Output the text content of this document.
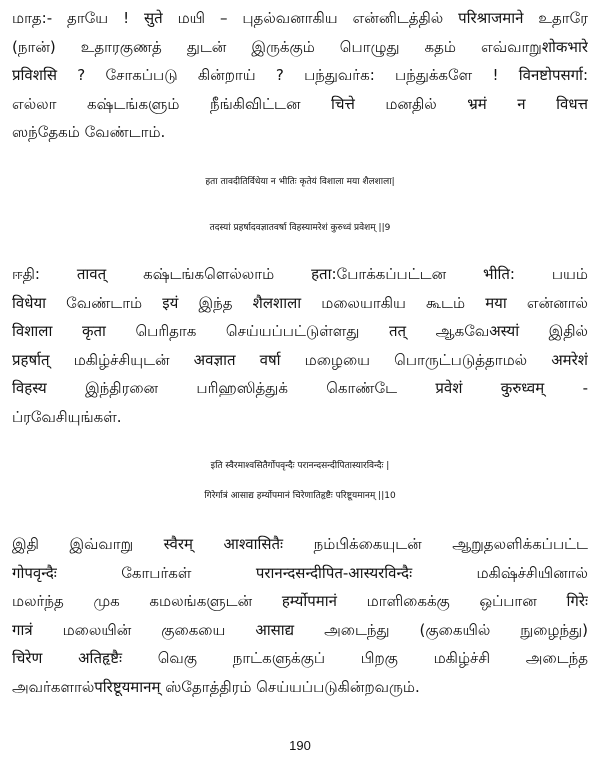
மாத:- தாயே ! सुते மயி – புதல்வனாகிய என்னிடத்தில் परिश्राजमाने உதாரே
(நான்) உதாரகுணத் துடன் இருக்கும் பொழுது கதம் எவ்வாறுशोकभारे
प्रविशसि ? சோகப்படு கின்றாய் ? பந்துவர்க: பந்துக்களே ! विनष्टोपसर्गा:
எல்லா கஷ்டங்களும் நீங்கிவிட்டன चित्ते மனதில் भ्रमं न विधत्त
ஸந்தேகம் வேண்டாம்.
हता तावदीतिर्विधेया न भीतिः कृतेयं विशाला मया शैलशाला|
तदस्यां प्रहर्षादवज्ञातवर्षा विहस्यामरेशं कुरुध्वं प्रवेशम् ||9
ஈதி: तावत् கஷ்டங்களெல்லாம் हता:போக்கப்பட்டன भीति: பயம்
विधेया வேண்டாம் इयं இந்த शैलशाला மலையாகிய கூடம் मया என்னால்
विशाला कृता பெரிதாக செய்யப்பட்டுள்ளது तत् ஆகவேअस्यां இதில்
प्रहर्षात् மகிழ்ச்சியுடன் अवज्ञात वर्षा மழையை பொருட்படுத்தாமல் अमरेशं
विहस्य இந்திரனை பரிஹஸித்துக் கொண்டே प्रवेशं कुरुध्वम् -
ப்ரவேசியுங்கள்.
इति स्वैरमाश्वसितैर्गोपवृन्दैः परानन्दसन्दीपितास्यारविन्दैः |
गिरेर्गात्रं आसाद्य हर्म्योपमानं चिरेणातिहृष्टैः परिष्टूयमानम् ||10
இதி இவ்வாறு स्वैरम् आश्वासितैः நம்பிக்கையுடன் ஆறுதலளிக்கப்பட்ட
गोपवृन्दैः கோபர்கள் परानन्दसन्दीपित-आस्यरविन्दैः மகிஷ்ச்சியினால்
மலர்ந்த முக கமலங்களுடன் हर्म्योपमानं மாளிகைக்கு ஒப்பான गिरेः
गात्रं மலையின் குகையை आसाद्य அடைந்து (குகையில் நுழைந்து)
चिरेण अतिहृष्टैः வெகு நாட்களுக்குப் பிறகு மகிழ்ச்சி அடைந்த
அவர்களால்परिष्टूयमानम् ஸ்தோத்திரம் செய்யப்படுகின்றவரும்.
190
